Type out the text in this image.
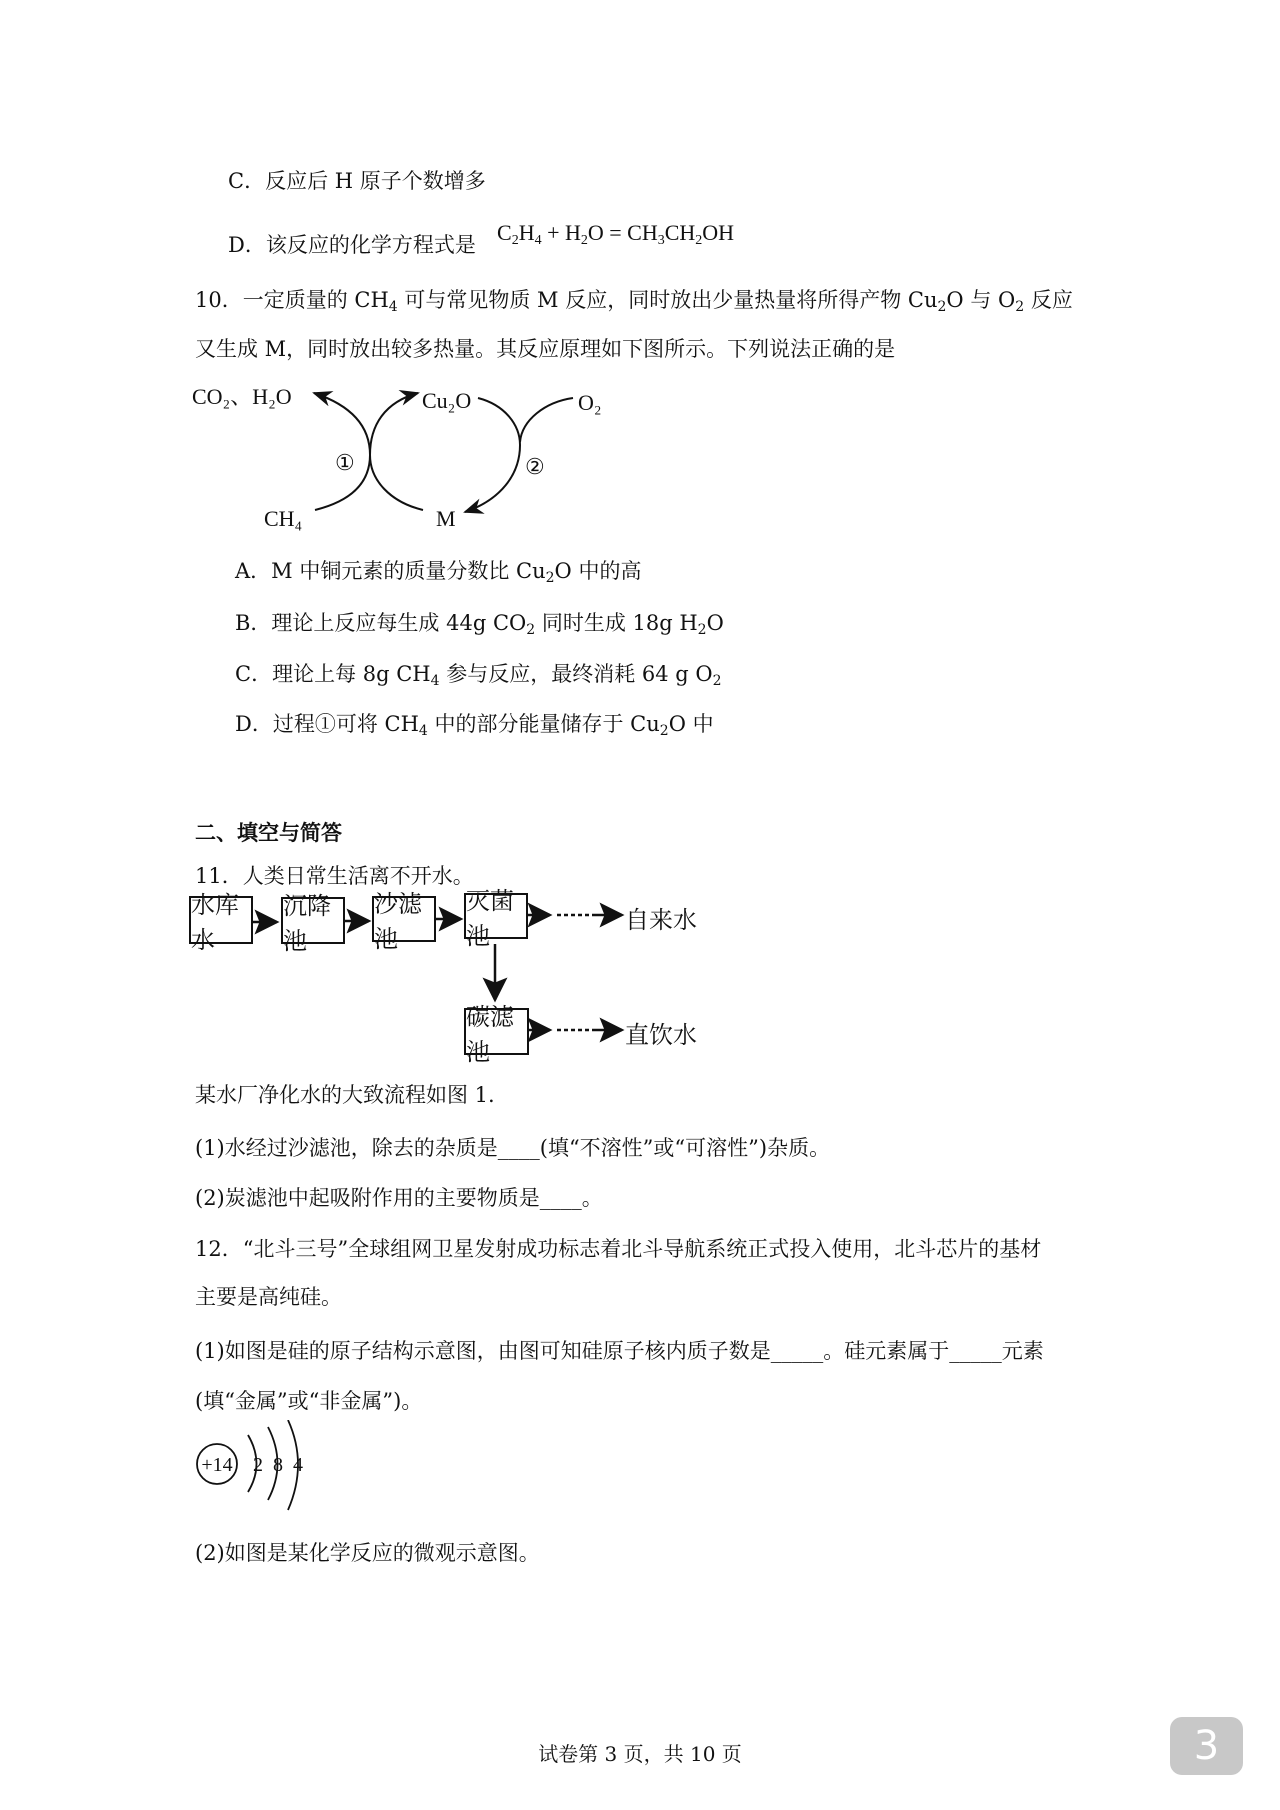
C．反应后 H 原子个数增多
D．该反应的化学方程式是 $C_2H_4 + H_2O = CH_3CH_2OH$
10．一定质量的 $CH_4$ 可与常见物质 M 反应，同时放出少量热量将所得产物 $Cu_2O$ 与 $O_2$ 反应
又生成 M，同时放出较多热量。其反应原理如下图所示。下列说法正确的是
CO₂、H₂O	Cu₂O	O₂
①	②
CH₄	M
A．M 中铜元素的质量分数比 $Cu_2O$ 中的高
B．理论上反应每生成 44g $CO_2$ 同时生成 18g $H_2O$
C．理论上每 8g $CH_4$ 参与反应，最终消耗 64 g $O_2$
D．过程①可将 $CH_4$ 中的部分能量储存于 $Cu_2O$ 中
二、填空与简答
11．人类日常生活离不开水。
水库水
沉降池
沙滤池
灭菌池
碳滤池
自来水
直饮水
某水厂净化水的大致流程如图 1.
(1)水经过沙滤池，除去的杂质是____(填“不溶性”或“可溶性”)杂质。
(2)炭滤池中起吸附作用的主要物质是____。
12．“北斗三号”全球组网卫星发射成功标志着北斗导航系统正式投入使用，北斗芯片的基材
主要是高纯硅。
(1)如图是硅的原子结构示意图，由图可知硅原子核内质子数是_____。硅元素属于_____元素
(填“金属”或“非金属”)。
+14 2 8 4
(2)如图是某化学反应的微观示意图。
试卷第 3 页，共 10 页	3
